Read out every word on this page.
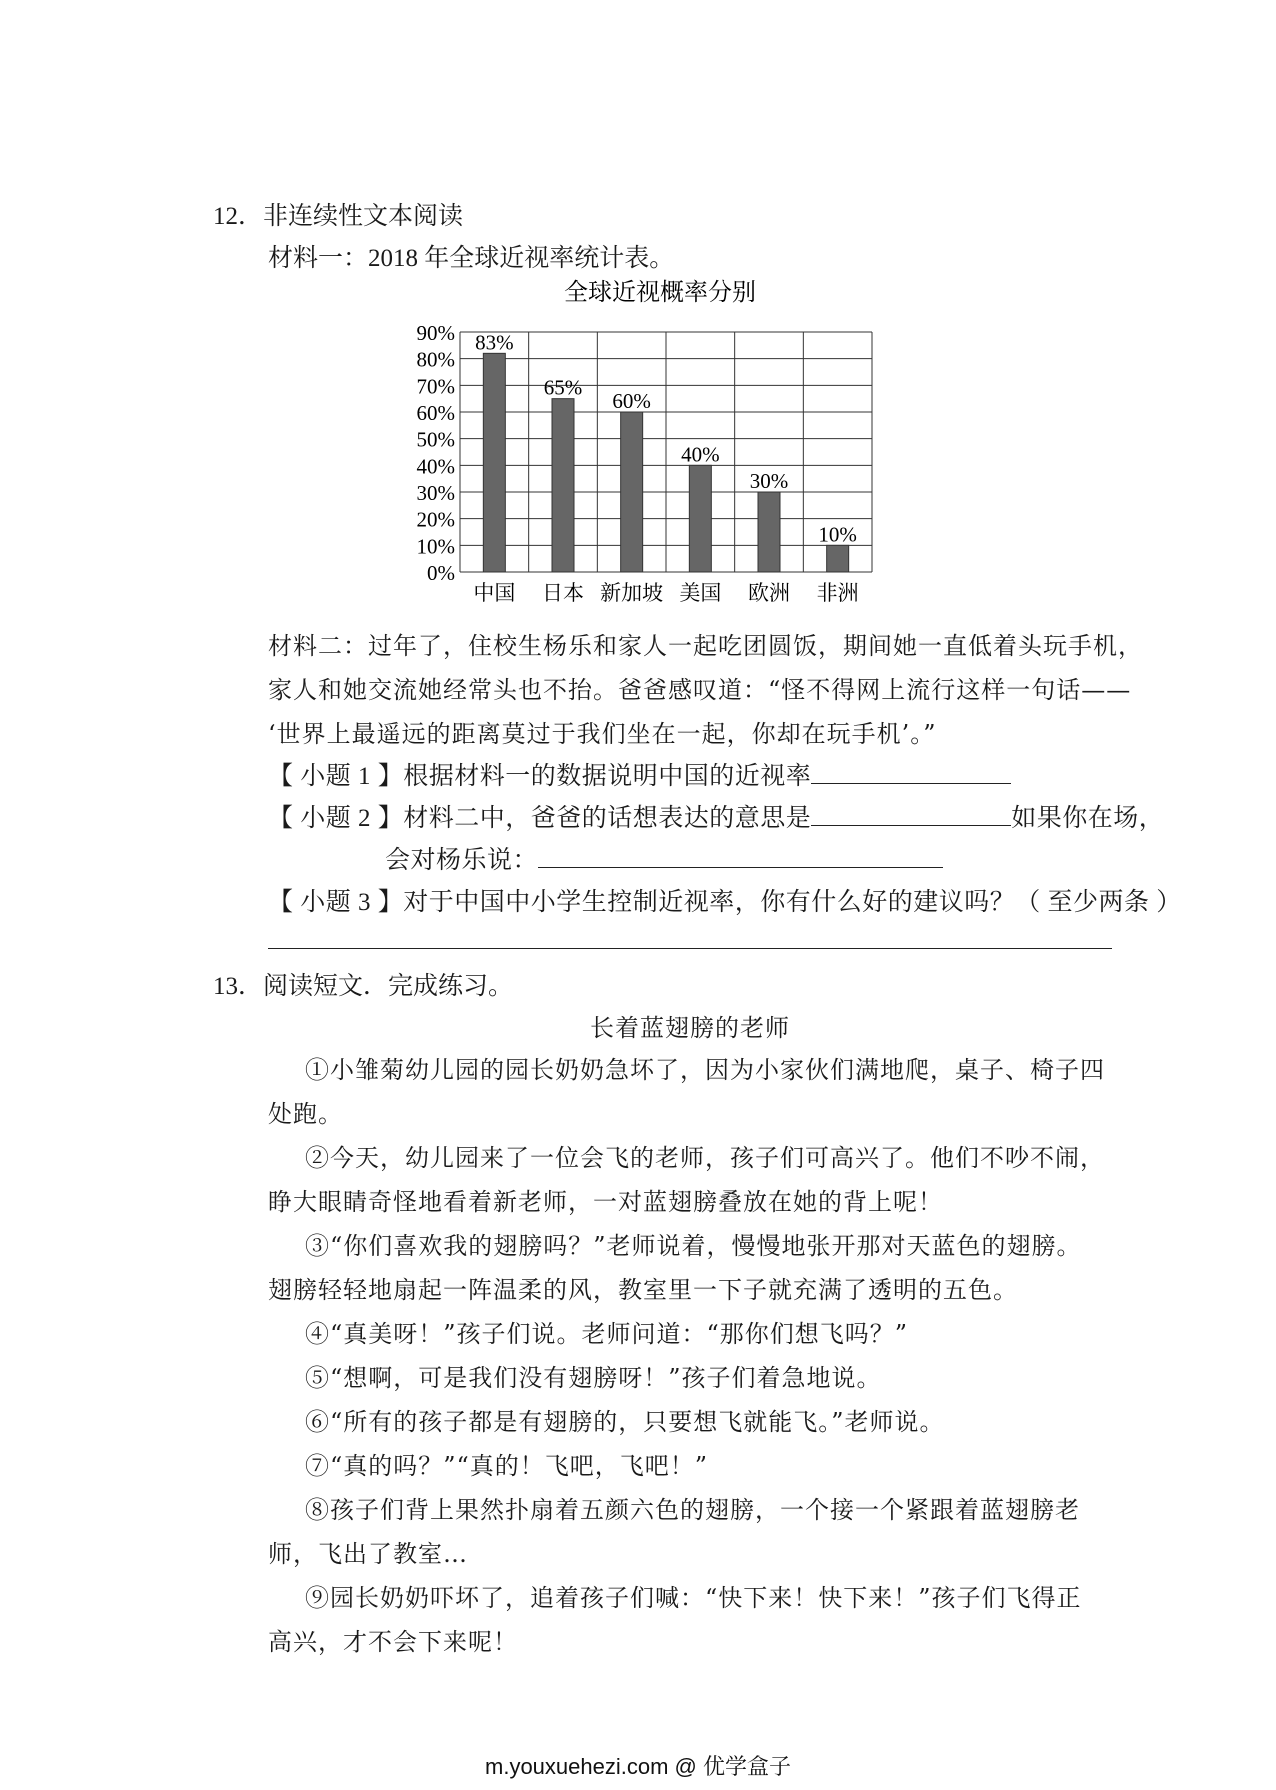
12．非连续性文本阅读
材料一：2018 年全球近视率统计表。
全球近视概率分别
0%
10%
20%
30%
40%
50%
60%
70%
80%
90% 83%
65%
60%
40%
30%
10%
中国 日本 新加坡 美国 欧洲 非洲
材料二：过年了，住校生杨乐和家人一起吃团圆饭，期间她一直低着头玩手机，
家人和她交流她经常头也不抬。爸爸感叹道：“怪不得网上流行这样一句话——
‘世界上最遥远的距离莫过于我们坐在一起，你却在玩手机’。”
【 小题 1 】根据材料一的数据说明中国的近视率
【 小题 2 】材料二中，爸爸的话想表达的意思是	如果你在场，
会对杨乐说：
【 小题 3 】对于中国中小学生控制近视率，你有什么好的建议吗？（ 至少两条 ）
13．阅读短文．完成练习。
长着蓝翅膀的老师
①小雏菊幼儿园的园长奶奶急坏了，因为小家伙们满地爬，桌子、椅子四
处跑。
②今天，幼儿园来了一位会飞的老师，孩子们可高兴了。他们不吵不闹，
睁大眼睛奇怪地看着新老师，一对蓝翅膀叠放在她的背上呢！
③“你们喜欢我的翅膀吗？”老师说着，慢慢地张开那对天蓝色的翅膀。
翅膀轻轻地扇起一阵温柔的风，教室里一下子就充满了透明的五色。
④“真美呀！”孩子们说。老师问道：“那你们想飞吗？”
⑤“想啊，可是我们没有翅膀呀！”孩子们着急地说。
⑥“所有的孩子都是有翅膀的，只要想飞就能飞。”老师说。
⑦“真的吗？”“真的！飞吧，飞吧！”
⑧孩子们背上果然扑扇着五颜六色的翅膀，一个接一个紧跟着蓝翅膀老
师，飞出了教室…
⑨园长奶奶吓坏了，追着孩子们喊：“快下来！快下来！”孩子们飞得正
高兴，才不会下来呢！
m.youxuehezi.com @ 优学盒子
